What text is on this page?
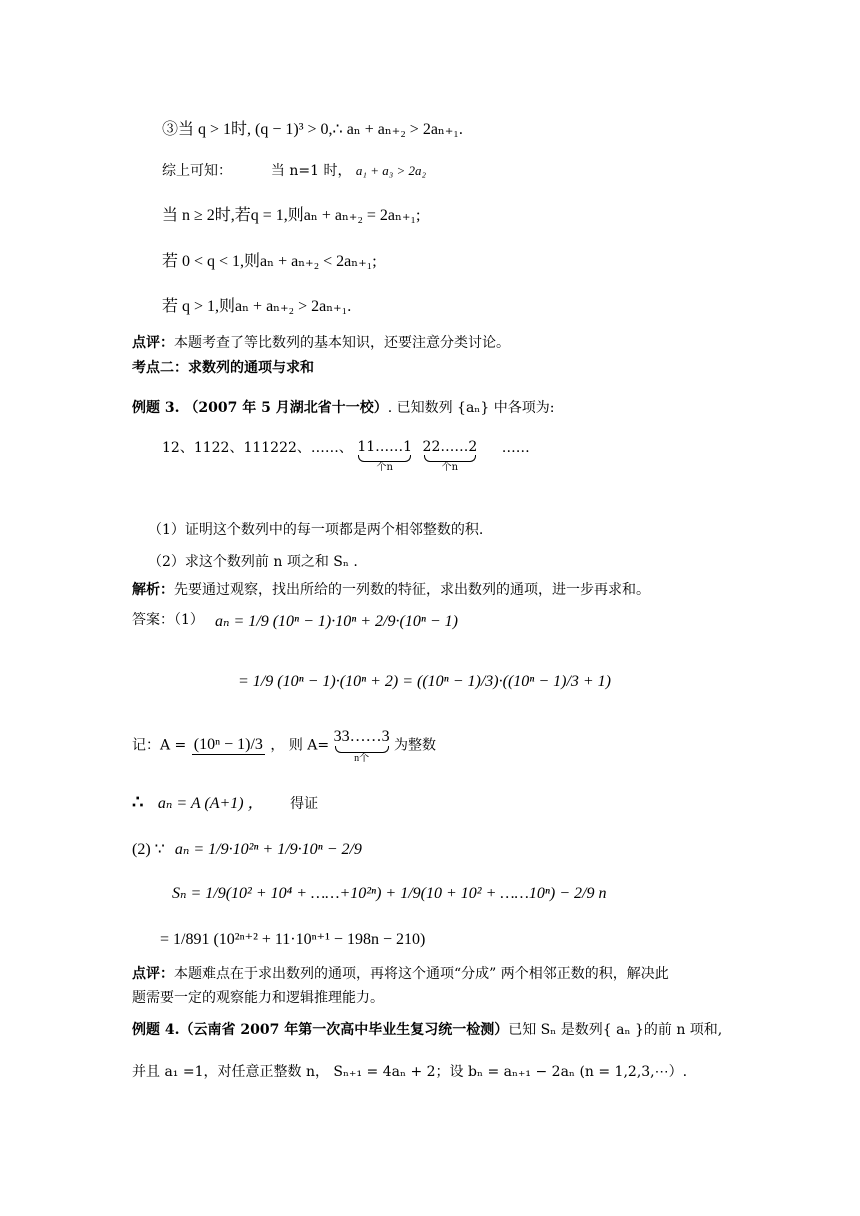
③当 q > 1时, (q − 1)³ > 0,∴ aₙ + aₙ₊₂ > 2aₙ₊₁.
综上可知：	当 n=1 时， a₁ + a₃ > 2a₂
当 n ≥ 2时,若q = 1,则aₙ + aₙ₊₂ = 2aₙ₊₁;
若 0 < q < 1,则aₙ + aₙ₊₂ < 2aₙ₊₁;
若 q > 1,则aₙ + aₙ₊₂ > 2aₙ₊₁.
点评：本题考查了等比数列的基本知识，还要注意分类讨论。
考点二：求数列的通项与求和
例题 3. （2007 年 5 月湖北省十一校）. 已知数列 {aₙ} 中各项为:
12、1122、111222、……、 11……1
个n

22……2
个n
……
（1）证明这个数列中的每一项都是两个相邻整数的积.
（2）求这个数列前 n 项之和 Sₙ .
解析：先要通过观察，找出所给的一列数的特征，求出数列的通项，进一步再求和。
答案：（1） aₙ = 1/9 (10ⁿ − 1)·10ⁿ + 2/9·(10ⁿ − 1)
= 1/9 (10ⁿ − 1)·(10ⁿ + 2) = ((10ⁿ − 1)/3)·((10ⁿ − 1)/3 + 1)
记：A = (10ⁿ − 1)/3 ， 则 A=
33……3
n个
为整数
∴ aₙ = A (A+1) ， 得证
(2) ∵ aₙ = 1/9·10²ⁿ + 1/9·10ⁿ − 2/9
Sₙ = 1/9(10² + 10⁴ + ……+10²ⁿ) + 1/9(10 + 10² + ……10ⁿ) − 2/9 n
= 1/891 (10²ⁿ⁺² + 11·10ⁿ⁺¹ − 198n − 210)
点评：本题难点在于求出数列的通项，再将这个通项“分成” 两个相邻正数的积，解决此
题需要一定的观察能力和逻辑推理能力。
例题 4.（云南省 2007 年第一次高中毕业生复习统一检测）已知 Sₙ 是数列{ aₙ }的前 n 项和,
并且 a₁ =1，对任意正整数 n， Sₙ₊₁ = 4aₙ + 2；设 bₙ = aₙ₊₁ − 2aₙ (n = 1,2,3,⋯）.
